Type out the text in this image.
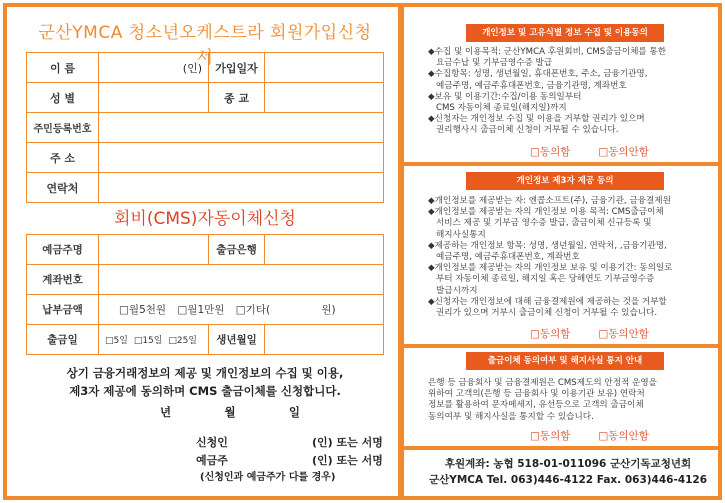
군산YMCA 청소년오케스트라 회원가입신청서
이 름	(인)	가입일자	
성 별		종 교	
주민등록번호			
주 소			
연락처			
회비(CMS)자동이체신청
예금주명		출금은행	
계좌번호			
납부금액	□월5천원 □월1만원 □기타( 원)		
출금일	□5일 □15일 □25일	생년월일	
상기 금융거래정보의 제공 및 개인정보의 수집 및 이용,
제3자 제공에 동의하며 CMS 출금이체를 신청합니다.
년	월	일
신청인	(인) 또는 서명
예금주	(인) 또는 서명
(신청인과 예금주가 다를 경우)
개인정보 및 고유식별 정보 수집 및 이용동의
◆수집 및 이용목적: 군산YMCA 후원회비, CMS출금이체를 통한
요금수납 및 기부금영수증 발급
◆수집항목: 성명, 생년월일, 휴대폰번호, 주소, 금융기관명,
예금주명, 예금주휴대폰번호, 금융기관명, 계좌번호
◆보유 및 이용기간:수집/이용 동의일부터
CMS 자동이체 종료일(해지일)까지
◆신청자는 개인정보 수집 및 이용을 거부할 권리가 있으며
권리행사시 출금이체 신청이 거부될 수 있습니다.
□동의함	□동의안함
개인정보 제3자 제공 동의
◆개인정보를 제공받는 자: 엔콥소프트(주), 금융기관, 금융결제원
◆개인정보를 제공받는 자의 개인정보 이용 목적: CMS출금이체
서비스 제공 및 기부금 영수증 발급, 출금이체 신규등록 및
해지사실통지
◆제공하는 개인정보 항목: 성명, 생년월일, 연락처, ,금융기관명,
예금주명, 예금주휴대폰번호, 계좌번호
◆개인정보를 제공받는 자의 개인정보 보유 및 이용기간: 동의일로
부터 자동이체 종료일, 해지일 혹은 당해연도 기부금영수증
발급시까지
◆신청자는 개인정보에 대해 금융결제원에 제공하는 것을 거부할
권리가 있으며 거부시 출금이체 신청이 거부될 수 있습니다.
□동의함	□동의안함
출금이체 동의여부 및 해지사실 통지 안내
은행 등 금융회사 및 금융결제원은 CMS제도의 안정적 운영을
위하여 고객의(은행 등 금융회사 및 이용기관 보유) 연락처
정보를 활용하여 문자메세지, 유선등으로 고객의 출금이체
동의여부 및 해지사실을 통지할 수 있습니다.
□동의함	□동의안함
후원계좌: 농협 518-01-011096 군산기독교청년회
군산YMCA Tel. 063)446-4122 Fax. 063)446-4126
